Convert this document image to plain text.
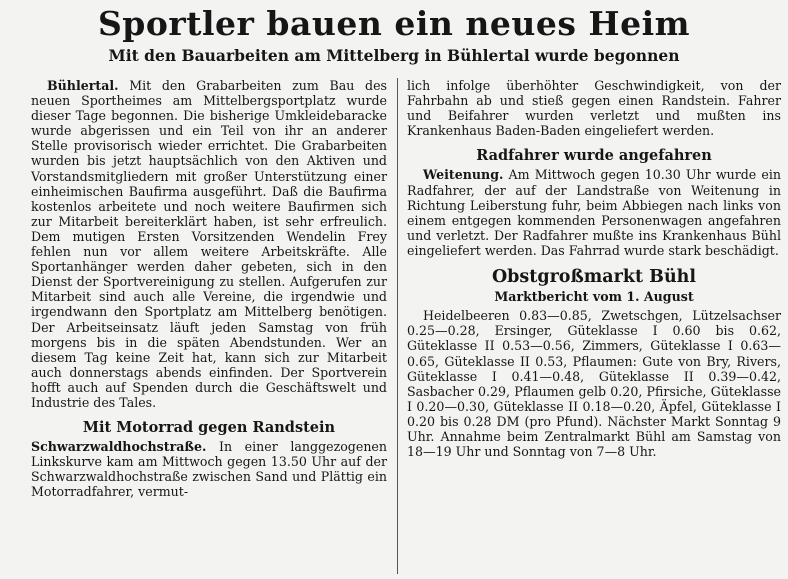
Sportler bauen ein neues Heim
Mit den Bauarbeiten am Mittelberg in Bühlertal wurde begonnen

Bühlertal. Mit den Grabarbeiten zum Bau des neuen Sportheimes am Mittelbergsportplatz wurde dieser Tage begonnen. Die bisherige Umkleidebaracke wurde abgerissen und ein Teil von ihr an anderer Stelle provisorisch wieder errichtet. Die Grabarbeiten wurden bis jetzt hauptsächlich von den Aktiven und Vorstandsmitgliedern mit großer Unterstützung einer einheimischen Baufirma ausgeführt. Daß die Baufirma kostenlos arbeitete und noch weitere Baufirmen sich zur Mitarbeit bereiterklärt haben, ist sehr erfreulich. Dem mutigen Ersten Vorsitzenden Wendelin Frey fehlen nun vor allem weitere Arbeitskräfte. Alle Sportanhänger werden daher gebeten, sich in den Dienst der Sportvereinigung zu stellen. Aufgerufen zur Mitarbeit sind auch alle Vereine, die irgendwie und irgendwann den Sportplatz am Mittelberg benötigen. Der Arbeitseinsatz läuft jeden Samstag von früh morgens bis in die späten Abendstunden. Wer an diesem Tag keine Zeit hat, kann sich zur Mitarbeit auch donnerstags abends einfinden. Der Sportverein hofft auch auf Spenden durch die Geschäftswelt und Industrie des Tales.

Mit Motorrad gegen Randstein

Schwarzwaldhochstraße. In einer langgezogenen Linkskurve kam am Mittwoch gegen 13.50 Uhr auf der Schwarzwaldhochstraße zwischen Sand und Plättig ein Motorradfahrer, vermut-

lich infolge überhöhter Geschwindigkeit, von der Fahrbahn ab und stieß gegen einen Randstein. Fahrer und Beifahrer wurden verletzt und mußten ins Krankenhaus Baden-Baden eingeliefert werden.

Radfahrer wurde angefahren

Weitenung. Am Mittwoch gegen 10.30 Uhr wurde ein Radfahrer, der auf der Landstraße von Weitenung in Richtung Leiberstung fuhr, beim Abbiegen nach links von einem entgegen kommenden Personenwagen angefahren und verletzt. Der Radfahrer mußte ins Krankenhaus Bühl eingeliefert werden. Das Fahrrad wurde stark beschädigt.

Obstgroßmarkt Bühl
Marktbericht vom 1. August

Heidelbeeren 0.83—0.85, Zwetschgen, Lützelsachser 0.25—0.28, Ersinger, Güteklasse I 0.60 bis 0.62, Güteklasse II 0.53—0.56, Zimmers, Güteklasse I 0.63—0.65, Güteklasse II 0.53, Pflaumen: Gute von Bry, Rivers, Güteklasse I 0.41—0.48, Güteklasse II 0.39—0.42, Sasbacher 0.29, Pflaumen gelb 0.20, Pfirsiche, Güteklasse I 0.20—0.30, Güteklasse II 0.18—0.20, Äpfel, Güteklasse I 0.20 bis 0.28 DM (pro Pfund). Nächster Markt Sonntag 9 Uhr. Annahme beim Zentralmarkt Bühl am Samstag von 18—19 Uhr und Sonntag von 7—8 Uhr.
